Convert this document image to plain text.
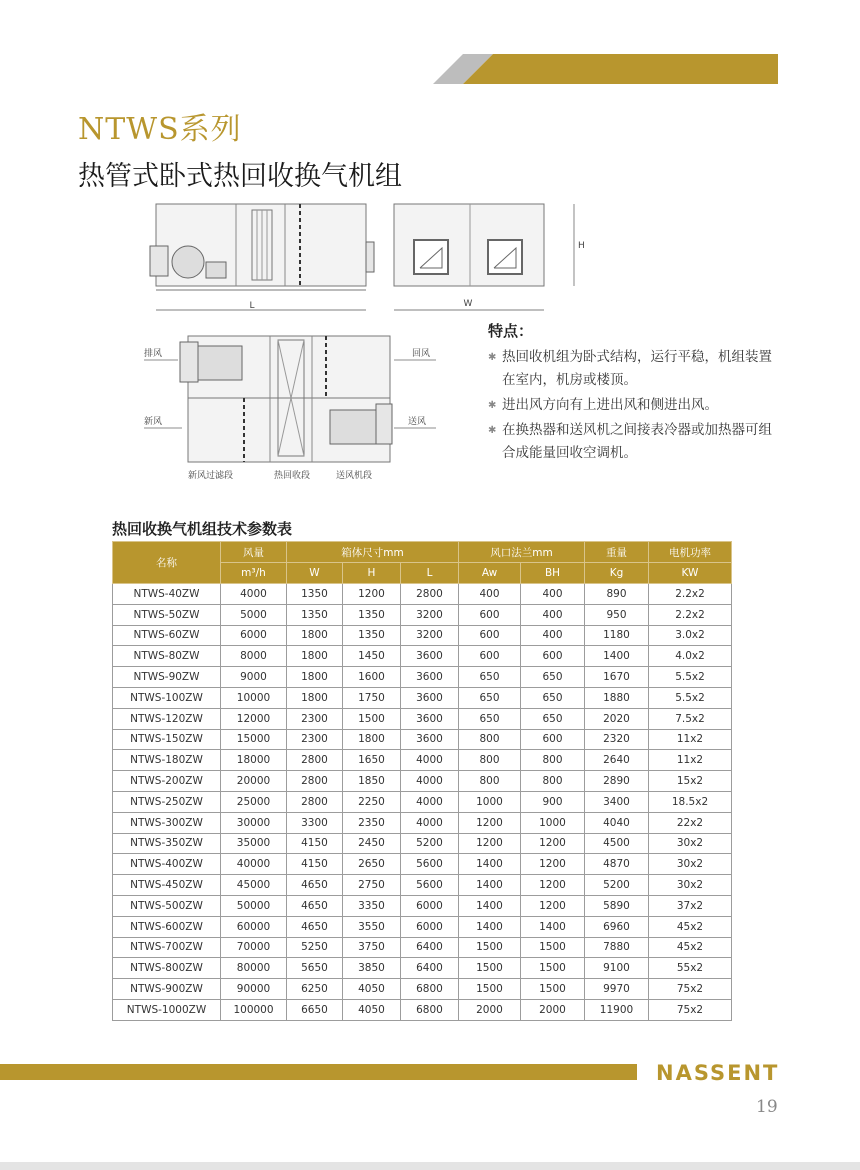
NTWS系列
热管式卧式热回收换气机组
L
H
W
排风
新风
回风
送风
新风过滤段	热回收段	送风机段
特点：
✱ 热回收机组为卧式结构，运行平稳，机组装置在室内，机房或楼顶。
✱ 进出风方向有上进出风和侧进出风。
✱ 在换热器和送风机之间接表冷器或加热器可组合成能量回收空调机。
热回收换气机组技术参数表
名称	风量	箱体尺寸mm			风口法兰mm		重量	电机功率
	m³/h	W	H	L	Aw	BH	Kg	KW
NTWS-40ZW	4000	1350	1200	2800	400	400	890	2.2x2
NTWS-50ZW	5000	1350	1350	3200	600	400	950	2.2x2
NTWS-60ZW	6000	1800	1350	3200	600	400	1180	3.0x2
NTWS-80ZW	8000	1800	1450	3600	600	600	1400	4.0x2
NTWS-90ZW	9000	1800	1600	3600	650	650	1670	5.5x2
NTWS-100ZW	10000	1800	1750	3600	650	650	1880	5.5x2
NTWS-120ZW	12000	2300	1500	3600	650	650	2020	7.5x2
NTWS-150ZW	15000	2300	1800	3600	800	600	2320	11x2
NTWS-180ZW	18000	2800	1650	4000	800	800	2640	11x2
NTWS-200ZW	20000	2800	1850	4000	800	800	2890	15x2
NTWS-250ZW	25000	2800	2250	4000	1000	900	3400	18.5x2
NTWS-300ZW	30000	3300	2350	4000	1200	1000	4040	22x2
NTWS-350ZW	35000	4150	2450	5200	1200	1200	4500	30x2
NTWS-400ZW	40000	4150	2650	5600	1400	1200	4870	30x2
NTWS-450ZW	45000	4650	2750	5600	1400	1200	5200	30x2
NTWS-500ZW	50000	4650	3350	6000	1400	1200	5890	37x2
NTWS-600ZW	60000	4650	3550	6000	1400	1400	6960	45x2
NTWS-700ZW	70000	5250	3750	6400	1500	1500	7880	45x2
NTWS-800ZW	80000	5650	3850	6400	1500	1500	9100	55x2
NTWS-900ZW	90000	6250	4050	6800	1500	1500	9970	75x2
NTWS-1000ZW	100000	6650	4050	6800	2000	2000	11900	75x2
NASSENT
19
